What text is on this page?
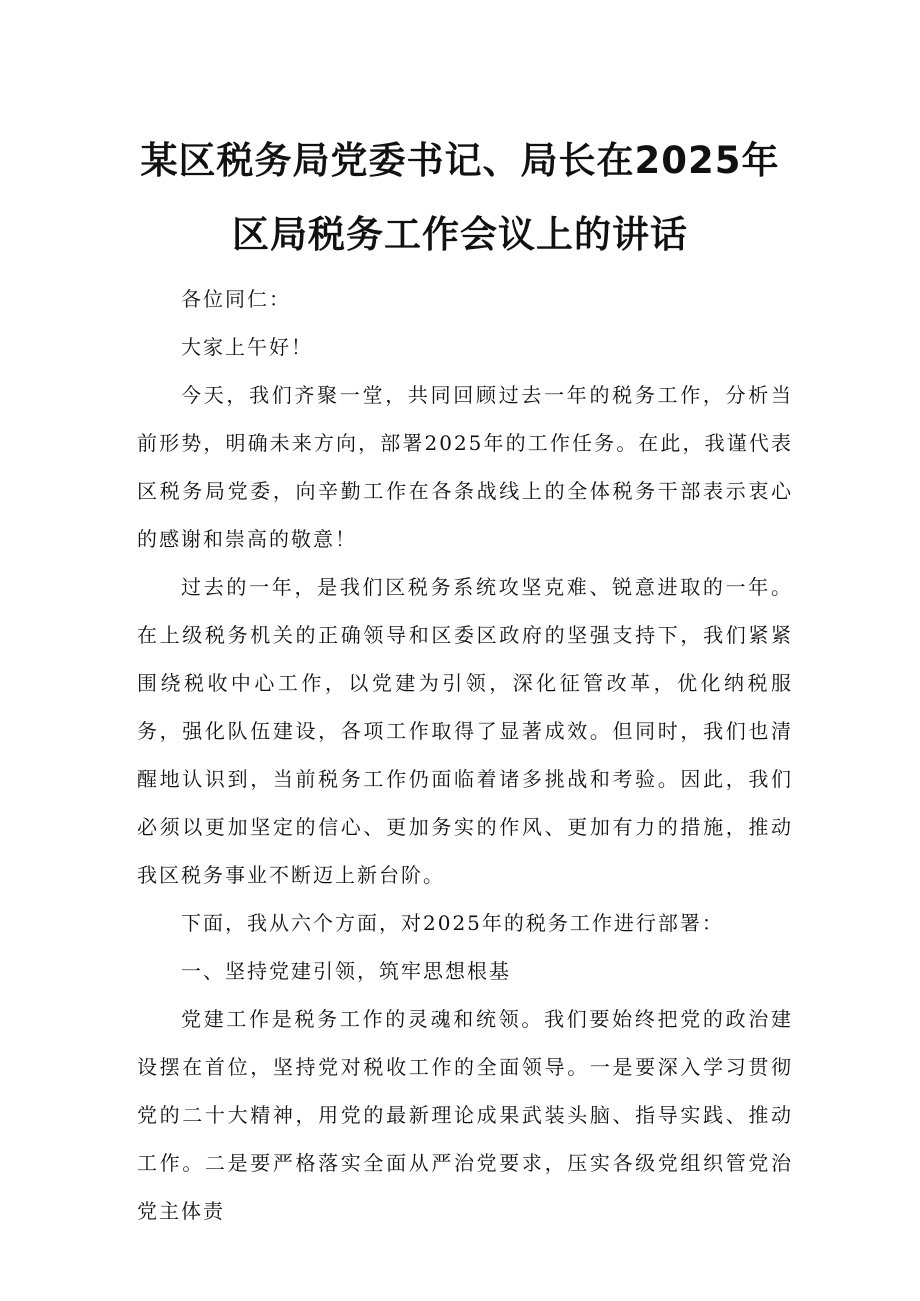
某区税务局党委书记、局长在2025年
区局税务工作会议上的讲话

各位同仁：

大家上午好！

今天，我们齐聚一堂，共同回顾过去一年的税务工作，分析当前形势，明确未来方向，部署2025年的工作任务。在此，我谨代表区税务局党委，向辛勤工作在各条战线上的全体税务干部表示衷心的感谢和崇高的敬意！

过去的一年，是我们区税务系统攻坚克难、锐意进取的一年。在上级税务机关的正确领导和区委区政府的坚强支持下，我们紧紧围绕税收中心工作，以党建为引领，深化征管改革，优化纳税服务，强化队伍建设，各项工作取得了显著成效。但同时，我们也清醒地认识到，当前税务工作仍面临着诸多挑战和考验。因此，我们必须以更加坚定的信心、更加务实的作风、更加有力的措施，推动我区税务事业不断迈上新台阶。

下面，我从六个方面，对2025年的税务工作进行部署：

一、坚持党建引领，筑牢思想根基

党建工作是税务工作的灵魂和统领。我们要始终把党的政治建设摆在首位，坚持党对税收工作的全面领导。一是要深入学习贯彻党的二十大精神，用党的最新理论成果武装头脑、指导实践、推动工作。二是要严格落实全面从严治党要求，压实各级党组织管党治党主体责
